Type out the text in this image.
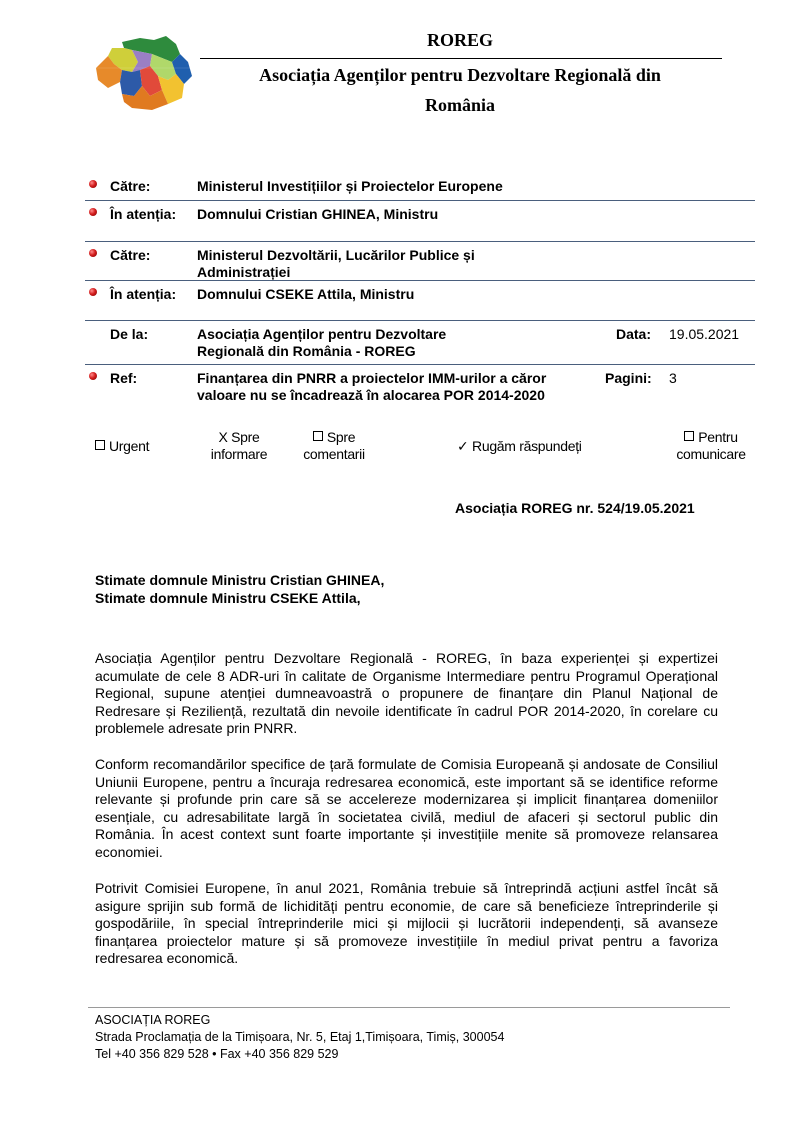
ROREG
Asociația Agenților pentru Dezvoltare Regională din România
Către:	Ministerul Investițiilor și Proiectelor Europene
În atenția:	Domnului Cristian GHINEA, Ministru
Către:	Ministerul Dezvoltării, Lucărilor Publice și Administrației
În atenția:	Domnului CSEKE Attila, Ministru
De la:	Asociația Agenților pentru Dezvoltare Regională din România - ROREG
Data: 19.05.2021
Ref:	Finanțarea din PNRR a proiectelor IMM-urilor a căror valoare nu se încadrează în alocarea POR 2014-2020
Pagini: 3
Urgent
X Spre informare
Spre comentarii	✓ Rugăm răspundeți
Pentru comunicare
Asociația ROREG nr. 524/19.05.2021
Stimate domnule Ministru Cristian GHINEA,
Stimate domnule Ministru CSEKE Attila,
Asociația Agenților pentru Dezvoltare Regională - ROREG, în baza experienței și expertizei acumulate de cele 8 ADR-uri în calitate de Organisme Intermediare pentru Programul Operațional Regional, supune atenției dumneavoastră o propunere de finanțare din Planul Național de Redresare și Reziliență, rezultată din nevoile identificate în cadrul POR 2014-2020, în corelare cu problemele adresate prin PNRR.
Conform recomandărilor specifice de țară formulate de Comisia Europeană și andosate de Consiliul Uniunii Europene, pentru a încuraja redresarea economică, este important să se identifice reforme relevante și profunde prin care să se accelereze modernizarea și implicit finanțarea domeniilor esențiale, cu adresabilitate largă în societatea civilă, mediul de afaceri și sectorul public din România. În acest context sunt foarte importante și investițiile menite să promoveze relansarea economiei.
Potrivit Comisiei Europene, în anul 2021, România trebuie să întreprindă acțiuni astfel încât să asigure sprijin sub formă de lichidități pentru economie, de care să beneficieze întreprinderile și gospodăriile, în special întreprinderile mici și mijlocii și lucrătorii independenți, să avanseze finanțarea proiectelor mature și să promoveze investițiile în mediul privat pentru a favoriza redresarea economică.
ASOCIAȚIA ROREG
Strada Proclamația de la Timișoara, Nr. 5, Etaj 1,Timișoara, Timiș, 300054
Tel +40 356 829 528 • Fax +40 356 829 529
